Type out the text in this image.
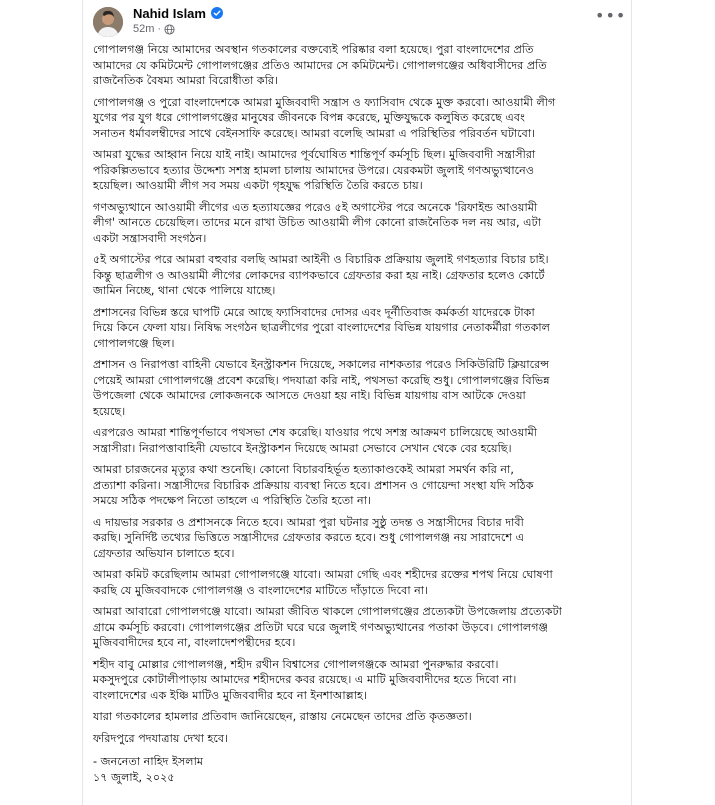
Nahid Islam
52m ·
•••

গোপালগঞ্জ নিয়ে আমাদের অবস্থান গতকালের বক্তব্যেই পরিষ্কার বলা হয়েছে। পুরা বাংলাদেশের প্রতি
আমাদের যে কমিটমেন্ট গোপালগঞ্জের প্রতিও আমাদের সে কমিটমেন্ট। গোপালগঞ্জের অধিবাসীদের প্রতি
রাজনৈতিক বৈষম্য আমরা বিরোধীতা করি।

গোপালগঞ্জ ও পুরো বাংলাদেশকে আমরা মুজিববাদী সন্ত্রাস ও ফ্যাসিবাদ থেকে মুক্ত করবো। আওয়ামী লীগ
যুগের পর যুগ ধরে গোপালগঞ্জের মানুষের জীবনকে বিপন্ন করেছে, মুক্তিযুদ্ধকে কলুষিত করেছে এবং
সনাতন ধর্মাবলম্বীদের সাথে বেইনসাফি করেছে। আমরা বলেছি আমরা এ পরিস্থিতির পরিবর্তন ঘটাবো।

আমরা যুদ্ধের আহ্বান নিয়ে যাই নাই। আমাদের পূর্বঘোষিত শান্তিপূর্ণ কর্মসূচি ছিল। মুজিববাদী সন্ত্রাসীরা
পরিকল্পিতভাবে হত্যার উদ্দেশ্য সশস্ত্র হামলা চালায় আমাদের উপরে। যেরকমটা জুলাই গণঅভ্যুত্থানেও
হয়েছিল। আওয়ামী লীগ সব সময় একটা গৃহযুদ্ধ পরিস্থিতি তৈরি করতে চায়।

গণঅভ্যুত্থানে আওয়ামী লীগের এত হত্যাযজ্ঞের পরেও ৫ই অগাস্টের পরে অনেকে 'রিফাইন্ড আওয়ামী
লীগ' আনতে চেয়েছিল। তাদের মনে রাখা উচিত আওয়ামী লীগ কোনো রাজনৈতিক দল নয় আর, এটা
একটা সন্ত্রাসবাদী সংগঠন।

৫ই অগাস্টের পরে আমরা বহুবার বলছি আমরা আইনী ও বিচারিক প্রক্রিয়ায় জুলাই গণহত্যার বিচার চাই।
কিন্তু ছাত্রলীগ ও আওয়ামী লীগের লোকদের ব্যাপকভাবে গ্রেফতার করা হয় নাই। গ্রেফতার হলেও কোর্টে
জামিন নিচ্ছে, থানা থেকে পালিয়ে যাচ্ছে।

প্রশাসনের বিভিন্ন স্তরে ঘাপটি মেরে আছে ফ্যাসিবাদের দোসর এবং দূর্নীতিবাজ কর্মকর্তা যাদেরকে টাকা
দিয়ে কিনে ফেলা যায়। নিষিদ্ধ সংগঠন ছাত্রলীগের পুরো বাংলাদেশের বিভিন্ন যায়গার নেতাকর্মীরা গতকাল
গোপালগঞ্জে ছিল।

প্রশাসন ও নিরাপত্তা বাহিনী যেভাবে ইনস্ট্রাকশন দিয়েছে, সকালের নাশকতার পরেও সিকিউরিটি ক্লিয়ারেন্স
পেয়েই আমরা গোপালগঞ্জে প্রবেশ করেছি। পদযাত্রা করি নাই, পথসভা করেছি শুধু। গোপালগঞ্জের বিভিন্ন
উপজেলা থেকে আমাদের লোকজনকে আসতে দেওয়া হয় নাই। বিভিন্ন যায়গায় বাস আটকে দেওয়া
হয়েছে।

এরপরেও আমরা শান্তিপূর্ণভাবে পথসভা শেষ করেছি। যাওয়ার পথে সশস্ত্র আক্রমণ চালিয়েছে আওয়ামী
সন্ত্রাসীরা। নিরাপত্তাবাহিনী যেভাবে ইনস্ট্রাকশন দিয়েছে আমরা সেভাবে সেখান থেকে বের হয়েছি।

আমরা চারজনের মৃত্যুর কথা শুনেছি। কোনো বিচারবহির্ভূত হত্যাকাণ্ডকেই আমরা সমর্থন করি না,
প্রত্যাশা করিনা। সন্ত্রাসীদের বিচারিক প্রক্রিয়ায় ব্যবস্থা নিতে হবে। প্রশাসন ও গোয়েন্দা সংস্থা যদি সঠিক
সময়ে সঠিক পদক্ষেপ নিতো তাহলে এ পরিস্থিতি তৈরি হতো না।

এ দায়ভার সরকার ও প্রশাসনকে নিতে হবে। আমরা পুরা ঘটনার সুষ্ঠু তদন্ত ও সন্ত্রাসীদের বিচার দাবী
করছি। সুনির্দিষ্ট তথ্যের ভিত্তিতে সন্ত্রাসীদের গ্রেফতার করতে হবে। শুধু গোপালগঞ্জ নয় সারাদেশে এ
গ্রেফতার অভিযান চালাতে হবে।

আমরা কমিট করেছিলাম আমরা গোপালগঞ্জে যাবো। আমরা গেছি এবং শহীদের রক্তের শপথ নিয়ে ঘোষণা
করছি যে মুজিববাদকে গোপালগঞ্জ ও বাংলাদেশের মাটিতে দাঁড়াতে দিবো না।

আমরা আবারো গোপালগঞ্জে যাবো। আমরা জীবিত থাকলে গোপালগঞ্জের প্রত্যেকটা উপজেলায় প্রত্যেকটা
গ্রামে কর্মসূচি করবো। গোপালগঞ্জের প্রতিটা ঘরে ঘরে জুলাই গণঅভ্যুত্থানের পতাকা উড়বে। গোপালগঞ্জ
মুজিববাদীদের হবে না, বাংলাদেশপন্থীদের হবে।

শহীদ বাবু মোল্লার গোপালগঞ্জ, শহীদ রথীন বিশ্বাসের গোপালগঞ্জকে আমরা পুনরুদ্ধার করবো।
মকসুদপুরে কোটালীপাড়ায় আমাদের শহীদদের কবর রয়েছে। এ মাটি মুজিববাদীদের হতে দিবো না।
বাংলাদেশের এক ইঞ্চি মাটিও মুজিববাদীর হবে না ইনশাআল্লাহ।

যারা গতকালের হামলার প্রতিবাদ জানিয়েছেন, রাস্তায় নেমেছেন তাদের প্রতি কৃতজ্ঞতা।

ফরিদপুরে পদযাত্রায় দেখা হবে।

- জননেতা নাহিদ ইসলাম

১৭ জুলাই, ২০২৫
